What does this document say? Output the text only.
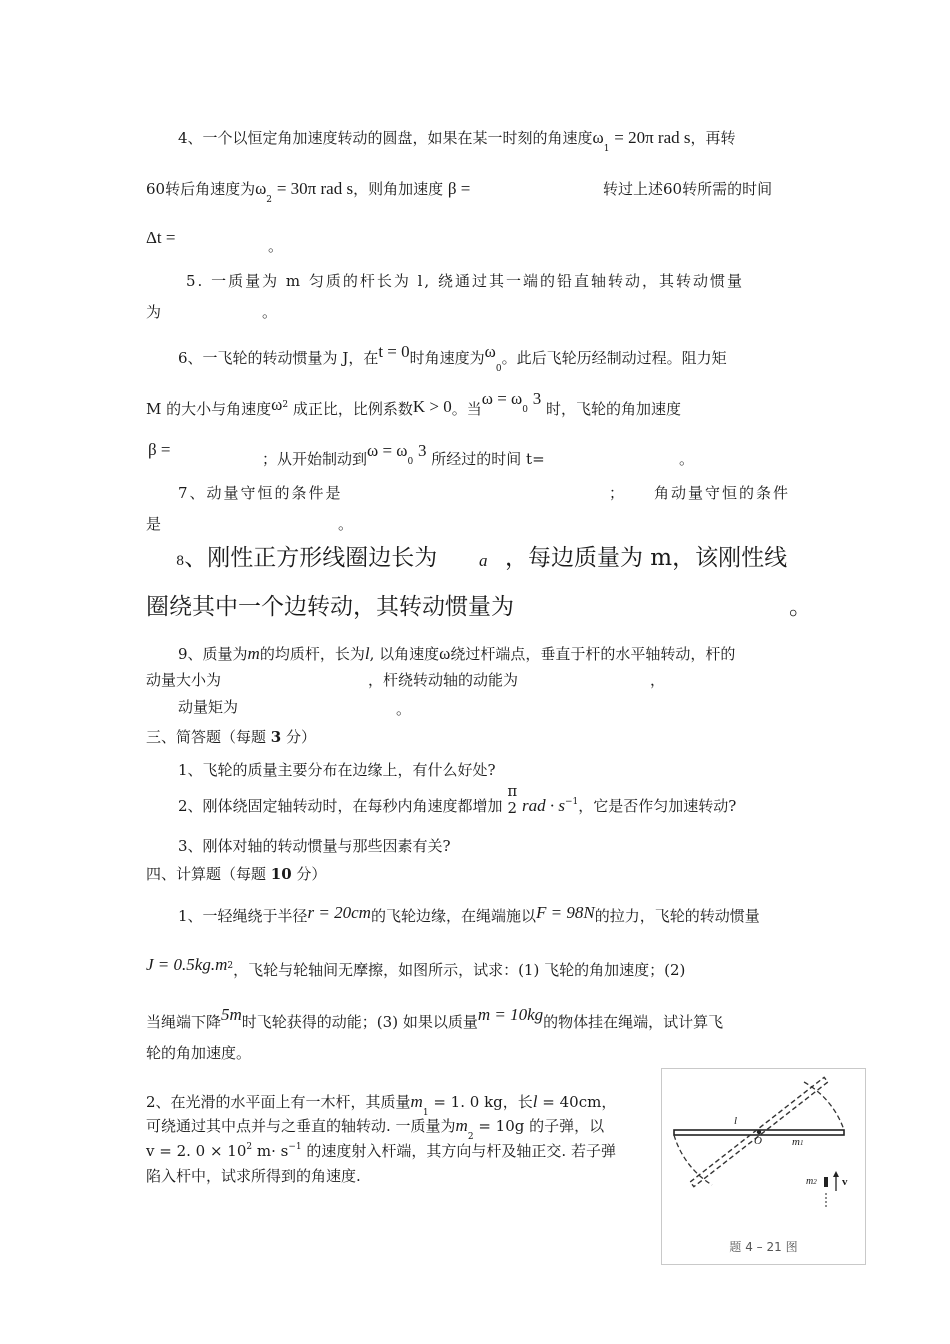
4、一个以恒定角加速度转动的圆盘，如果在某一时刻的角速度$\omega_1 = 20\pi$ rad s，再转
60转后角速度为$\omega_2 = 30\pi$ rad s，则角加速度 β =	转过上述60转所需的时间
Δt =	。
5. 一质量为 m 匀质的杆长为 l, 绕通过其一端的铅直轴转动，其转动惯量
为	。
6、一飞轮的转动惯量为 J，在t = 0时角速度为$\omega_0$。此后飞轮历经制动过程。阻力矩
M 的大小与角速度$\omega^2$ 成正比，比例系数K > 0。当ω = ω0 3 时，飞轮的角加速度
β =	；从开始制动到ω = ω0 3 所经过的时间 t=	。
7、动量守恒的条件是	； 角动量守恒的条件
是	。
8、刚性正方形线圈边长为 a ，每边质量为 m，该刚性线
圈绕其中一个边转动，其转动惯量为	。
9、质量为m的均质杆，长为l, 以角速度ω绕过杆端点，垂直于杆的水平轴转动，杆的
动量大小为	，杆绕转动轴的动能为	，
动量矩为	。
三、简答题（每题 3 分）
1、飞轮的质量主要分布在边缘上，有什么好处?
2、刚体绕固定轴转动时，在每秒内角速度都增加
π
2 rad · $s^{-1}$，它是否作匀加速转动?
3、刚体对轴的转动惯量与那些因素有关?
四、计算题（每题 10 分）
1、一轻绳绕于半径r = 20cm的飞轮边缘，在绳端施以F = 98N的拉力，飞轮的转动惯量
$J = 0.5kg.m^2$，飞轮与轮轴间无摩擦，如图所示，试求：(1) 飞轮的角加速度；(2)
当绳端下降5m时飞轮获得的动能；(3) 如果以质量m = 10kg的物体挂在绳端，试计算飞
轮的角加速度。
2、在光滑的水平面上有一木杆，其质量$m_1 = 1$. 0 kg，长l = 40cm，
可绕通过其中点并与之垂直的轴转动. 一质量为$m_2 = 10g$ 的子弹，以
v = 2. $0 \times 10^2$ $m\cdot s^{-1}$ 的速度射入杆端，其方向与杆及轴正交. 若子弹
陷入杆中，试求所得到的角速度.
l
O	m1
m2 v
题 4 – 21 图
